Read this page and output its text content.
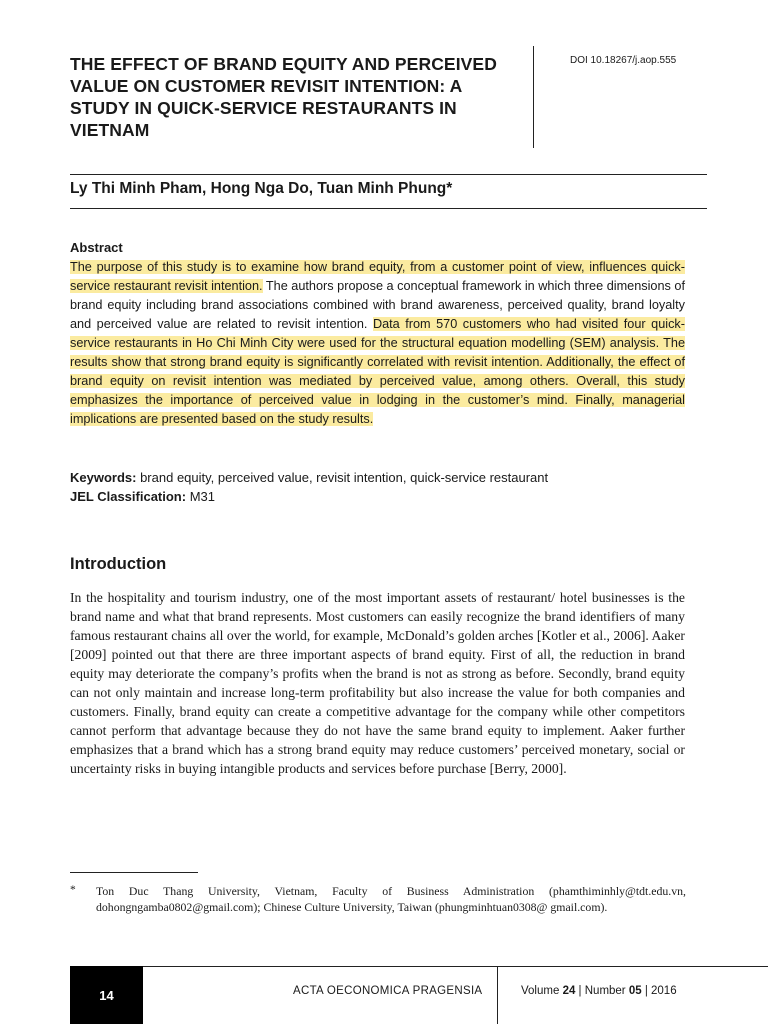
THE EFFECT OF BRAND EQUITY AND PERCEIVED VALUE ON CUSTOMER REVISIT INTENTION: A STUDY IN QUICK-SERVICE RESTAURANTS IN VIETNAM
DOI 10.18267/j.aop.555
Ly Thi Minh Pham, Hong Nga Do, Tuan Minh Phung*
Abstract
The purpose of this study is to examine how brand equity, from a customer point of view, influences quick-service restaurant revisit intention. The authors propose a conceptual framework in which three dimensions of brand equity including brand associations combined with brand awareness, perceived quality, brand loyalty and perceived value are related to revisit intention. Data from 570 customers who had visited four quick-service restaurants in Ho Chi Minh City were used for the structural equation modelling (SEM) analysis. The results show that strong brand equity is significantly correlated with revisit intention. Additionally, the effect of brand equity on revisit intention was mediated by perceived value, among others. Overall, this study emphasizes the importance of perceived value in lodging in the customer’s mind. Finally, managerial implications are presented based on the study results.
Keywords: brand equity, perceived value, revisit intention, quick-service restaurant
JEL Classification: M31
Introduction
In the hospitality and tourism industry, one of the most important assets of restaurant/ hotel businesses is the brand name and what that brand represents. Most customers can easily recognize the brand identifiers of many famous restaurant chains all over the world, for example, McDonald’s golden arches [Kotler et al., 2006]. Aaker [2009] pointed out that there are three important aspects of brand equity. First of all, the reduction in brand equity may deteriorate the company’s profits when the brand is not as strong as before. Secondly, brand equity can not only maintain and increase long-term profitability but also increase the value for both companies and customers. Finally, brand equity can create a competitive advantage for the company while other competitors cannot perform that advantage because they do not have the same brand equity to implement. Aaker further emphasizes that a brand which has a strong brand equity may reduce customers’ perceived monetary, social or uncertainty risks in buying intangible products and services before purchase [Berry, 2000].
* Ton Duc Thang University, Vietnam, Faculty of Business Administration (phamthiminhly@tdt.edu.vn, dohongngamba0802@gmail.com); Chinese Culture University, Taiwan (phungminhtuan0308@ gmail.com).
14	ACTA OECONOMICA PRAGENSIA	Volume 24 | Number 05 | 2016
